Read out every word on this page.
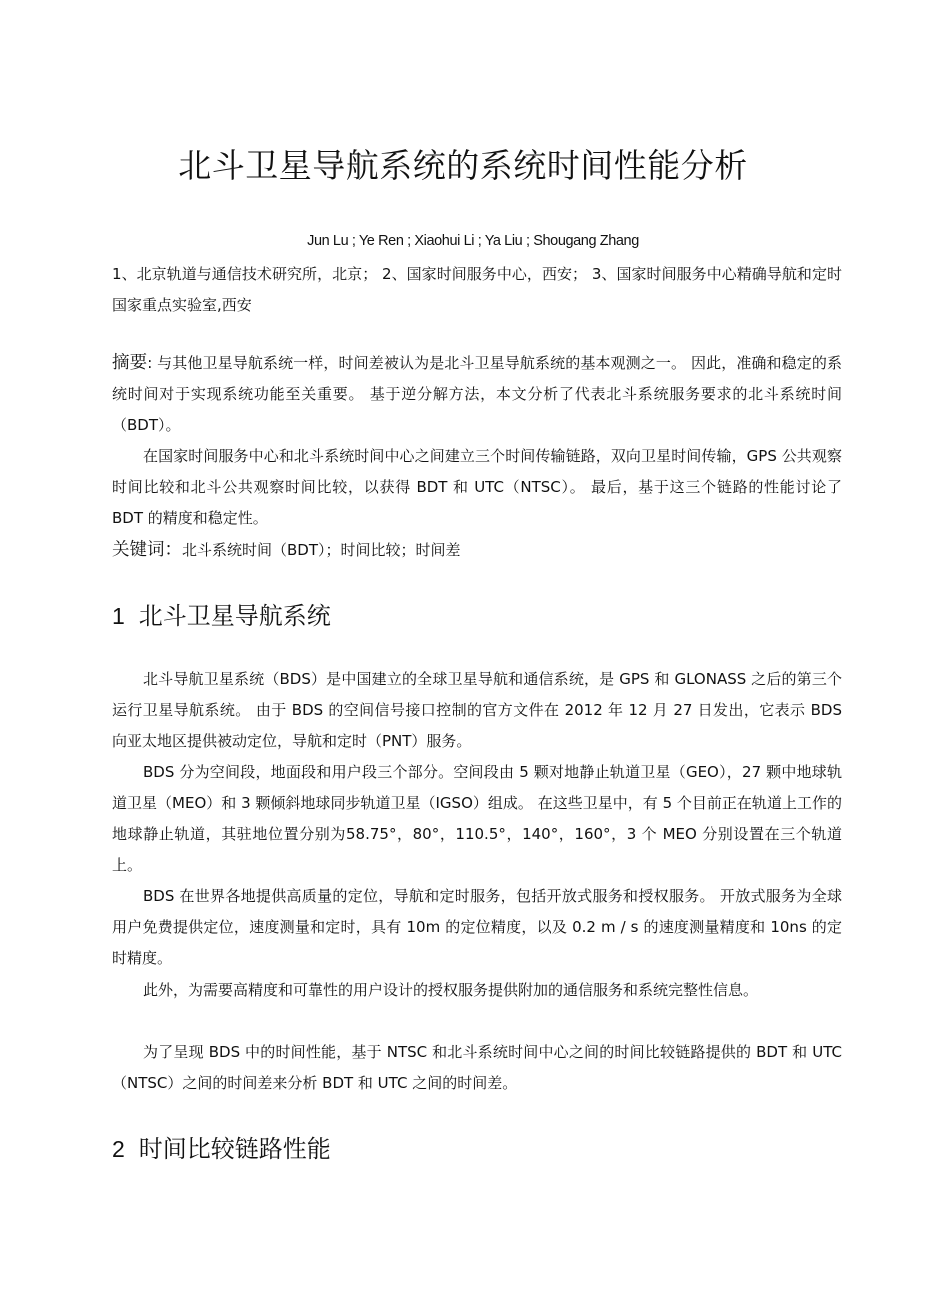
北斗卫星导航系统的系统时间性能分析
Jun Lu ; Ye Ren ; Xiaohui Li ; Ya Liu ; Shougang Zhang

1、北京轨道与通信技术研究所，北京； 2、国家时间服务中心，西安； 3、国家时间服务中心精确导航和定时国家重点实验室,西安

摘要: 与其他卫星导航系统一样，时间差被认为是北斗卫星导航系统的基本观测之一。 因此，准确和稳定的系统时间对于实现系统功能至关重要。 基于逆分解方法，本文分析了代表北斗系统服务要求的北斗系统时间（BDT）。

在国家时间服务中心和北斗系统时间中心之间建立三个时间传输链路，双向卫星时间传输，GPS 公共观察时间比较和北斗公共观察时间比较，以获得 BDT 和 UTC（NTSC）。 最后，基于这三个链路的性能讨论了 BDT 的精度和稳定性。

关键词：北斗系统时间（BDT）；时间比较；时间差

1 北斗卫星导航系统

北斗导航卫星系统（BDS）是中国建立的全球卫星导航和通信系统，是 GPS 和 GLONASS 之后的第三个运行卫星导航系统。 由于 BDS 的空间信号接口控制的官方文件在 2012 年 12 月 27 日发出，它表示 BDS 向亚太地区提供被动定位，导航和定时（PNT）服务。

BDS 分为空间段，地面段和用户段三个部分。空间段由 5 颗对地静止轨道卫星（GEO），27 颗中地球轨道卫星（MEO）和 3 颗倾斜地球同步轨道卫星（IGSO）组成。 在这些卫星中，有 5 个目前正在轨道上工作的地球静止轨道，其驻地位置分别为58.75°，80°，110.5°，140°，160°，3 个 MEO 分别设置在三个轨道上。

BDS 在世界各地提供高质量的定位，导航和定时服务，包括开放式服务和授权服务。 开放式服务为全球用户免费提供定位，速度测量和定时，具有 10m 的定位精度，以及 0.2 m / s 的速度测量精度和 10ns 的定时精度。

此外，为需要高精度和可靠性的用户设计的授权服务提供附加的通信服务和系统完整性信息。

为了呈现 BDS 中的时间性能，基于 NTSC 和北斗系统时间中心之间的时间比较链路提供的 BDT 和 UTC（NTSC）之间的时间差来分析 BDT 和 UTC 之间的时间差。

2 时间比较链路性能
